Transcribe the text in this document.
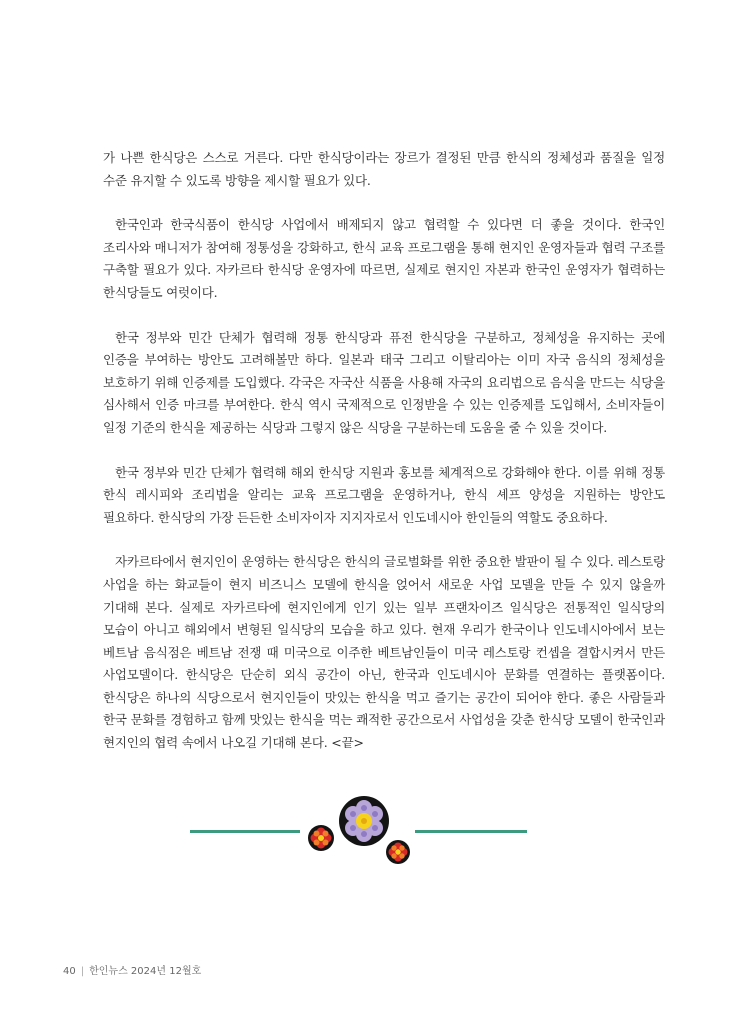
가 나쁜 한식당은 스스로 거른다. 다만 한식당이라는 장르가 결정된 만큼 한식의 정체성과 품질을 일정 수준 유지할 수 있도록 방향을 제시할 필요가 있다.

한국인과 한국식품이 한식당 사업에서 배제되지 않고 협력할 수 있다면 더 좋을 것이다. 한국인 조리사와 매니저가 참여해 정통성을 강화하고, 한식 교육 프로그램을 통해 현지인 운영자들과 협력 구조를 구축할 필요가 있다. 자카르타 한식당 운영자에 따르면, 실제로 현지인 자본과 한국인 운영자가 협력하는 한식당들도 여럿이다.

한국 정부와 민간 단체가 협력해 정통 한식당과 퓨전 한식당을 구분하고, 정체성을 유지하는 곳에 인증을 부여하는 방안도 고려해볼만 하다. 일본과 태국 그리고 이탈리아는 이미 자국 음식의 정체성을 보호하기 위해 인증제를 도입했다. 각국은 자국산 식품을 사용해 자국의 요리법으로 음식을 만드는 식당을 심사해서 인증 마크를 부여한다. 한식 역시 국제적으로 인정받을 수 있는 인증제를 도입해서, 소비자들이 일정 기준의 한식을 제공하는 식당과 그렇지 않은 식당을 구분하는데 도움을 줄 수 있을 것이다.

한국 정부와 민간 단체가 협력해 해외 한식당 지원과 홍보를 체계적으로 강화해야 한다. 이를 위해 정통 한식 레시피와 조리법을 알리는 교육 프로그램을 운영하거나, 한식 셰프 양성을 지원하는 방안도 필요하다. 한식당의 가장 든든한 소비자이자 지지자로서 인도네시아 한인들의 역할도 중요하다.

자카르타에서 현지인이 운영하는 한식당은 한식의 글로벌화를 위한 중요한 발판이 될 수 있다. 레스토랑 사업을 하는 화교들이 현지 비즈니스 모델에 한식을 얹어서 새로운 사업 모델을 만들 수 있지 않을까 기대해 본다. 실제로 자카르타에 현지인에게 인기 있는 일부 프랜차이즈 일식당은 전통적인 일식당의 모습이 아니고 해외에서 변형된 일식당의 모습을 하고 있다. 현재 우리가 한국이나 인도네시아에서 보는 베트남 음식점은 베트남 전쟁 때 미국으로 이주한 베트남인들이 미국 레스토랑 컨셉을 결합시켜서 만든 사업모델이다. 한식당은 단순히 외식 공간이 아닌, 한국과 인도네시아 문화를 연결하는 플랫폼이다. 한식당은 하나의 식당으로서 현지인들이 맛있는 한식을 먹고 즐기는 공간이 되어야 한다. 좋은 사람들과 한국 문화를 경험하고 함께 맛있는 한식을 먹는 쾌적한 공간으로서 사업성을 갖춘 한식당 모델이 한국인과 현지인의 협력 속에서 나오길 기대해 본다. <끝>

40 | 한인뉴스 2024년 12월호
